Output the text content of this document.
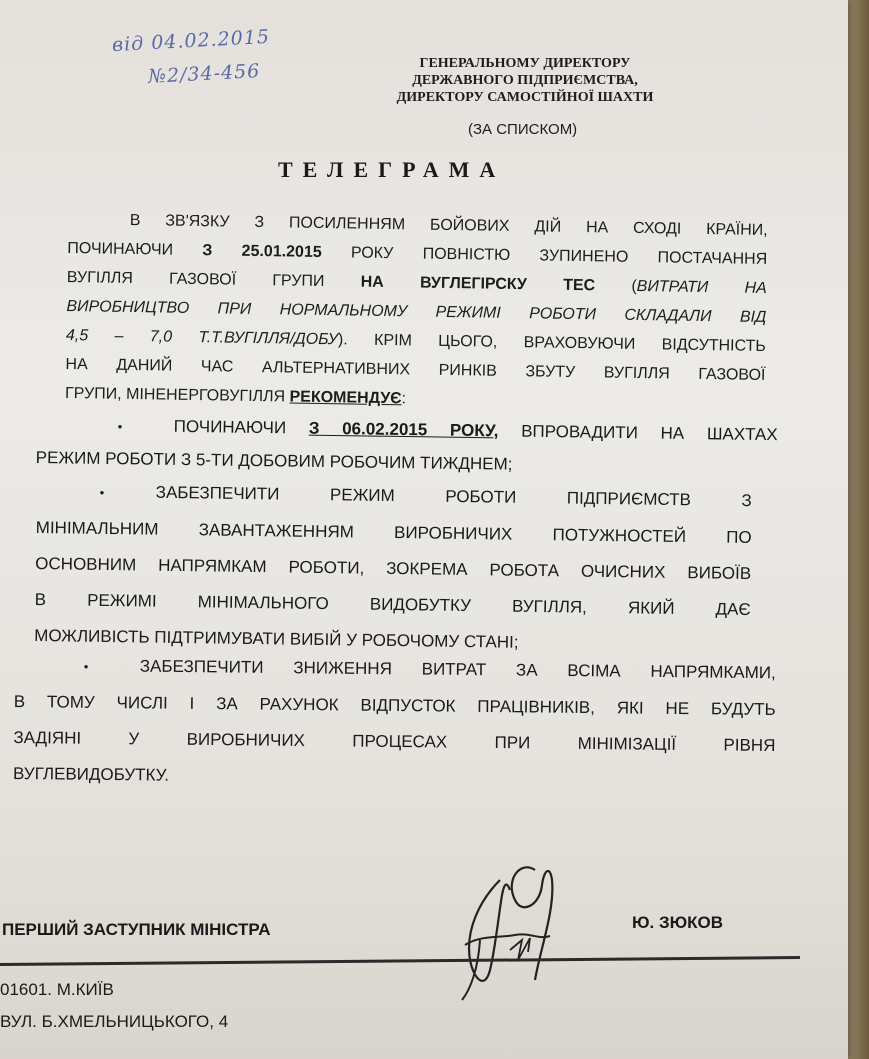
від 04.02.2015
№2/34-456	ГЕНЕРАЛЬНОМУ ДИРЕКТОРУ
ДЕРЖАВНОГО ПІДПРИЄМСТВА,
ДИРЕКТОРУ САМОСТІЙНОЇ ШАХТИ
(ЗА СПИСКОМ)
ТЕЛЕГРАМА
В ЗВ'ЯЗКУ З ПОСИЛЕННЯМ БОЙОВИХ ДІЙ НА СХОДІ КРАЇНИ,
ПОЧИНАЮЧИ З 25.01.2015 РОКУ ПОВНІСТЮ ЗУПИНЕНО ПОСТАЧАННЯ
ВУГІЛЛЯ ГАЗОВОЇ ГРУПИ НА ВУГЛЕГІРСКУ ТЕС (ВИТРАТИ НА
ВИРОБНИЦТВО ПРИ НОРМАЛЬНОМУ РЕЖИМІ РОБОТИ СКЛАДАЛИ ВІД
4,5 – 7,0 Т.Т.ВУГІЛЛЯ/ДОБУ). КРІМ ЦЬОГО, ВРАХОВУЮЧИ ВІДСУТНІСТЬ
НА ДАНИЙ ЧАС АЛЬТЕРНАТИВНИХ РИНКІВ ЗБУТУ ВУГІЛЛЯ ГАЗОВОЇ
ГРУПИ, МІНЕНЕРГОВУГІЛЛЯ РЕКОМЕНДУЄ:
•	ПОЧИНАЮЧИ З 06.02.2015 РОКУ, ВПРОВАДИТИ НА ШАХТАХ
РЕЖИМ РОБОТИ З 5-ТИ ДОБОВИМ РОБОЧИМ ТИЖДНЕМ;
•	ЗАБЕЗПЕЧИТИ РЕЖИМ РОБОТИ ПІДПРИЄМСТВ З
МІНІМАЛЬНИМ ЗАВАНТАЖЕННЯМ ВИРОБНИЧИХ ПОТУЖНОСТЕЙ ПО
ОСНОВНИМ НАПРЯМКАМ РОБОТИ, ЗОКРЕМА РОБОТА ОЧИСНИХ ВИБОЇВ
В РЕЖИМІ МІНІМАЛЬНОГО ВИДОБУТКУ ВУГІЛЛЯ, ЯКИЙ ДАЄ
МОЖЛИВІСТЬ ПІДТРИМУВАТИ ВИБІЙ У РОБОЧОМУ СТАНІ;
•	ЗАБЕЗПЕЧИТИ ЗНИЖЕННЯ ВИТРАТ ЗА ВСІМА НАПРЯМКАМИ,
В ТОМУ ЧИСЛІ І ЗА РАХУНОК ВІДПУСТОК ПРАЦІВНИКІВ, ЯКІ НЕ БУДУТЬ
ЗАДІЯНІ У ВИРОБНИЧИХ ПРОЦЕСАХ ПРИ МІНІМІЗАЦІЇ РІВНЯ
ВУГЛЕВИДОБУТКУ.
ПЕРШИЙ ЗАСТУПНИК МІНІСТРА	Ю. ЗЮКОВ
01601. М.КИЇВ
ВУЛ. Б.ХМЕЛЬНИЦЬКОГО, 4
